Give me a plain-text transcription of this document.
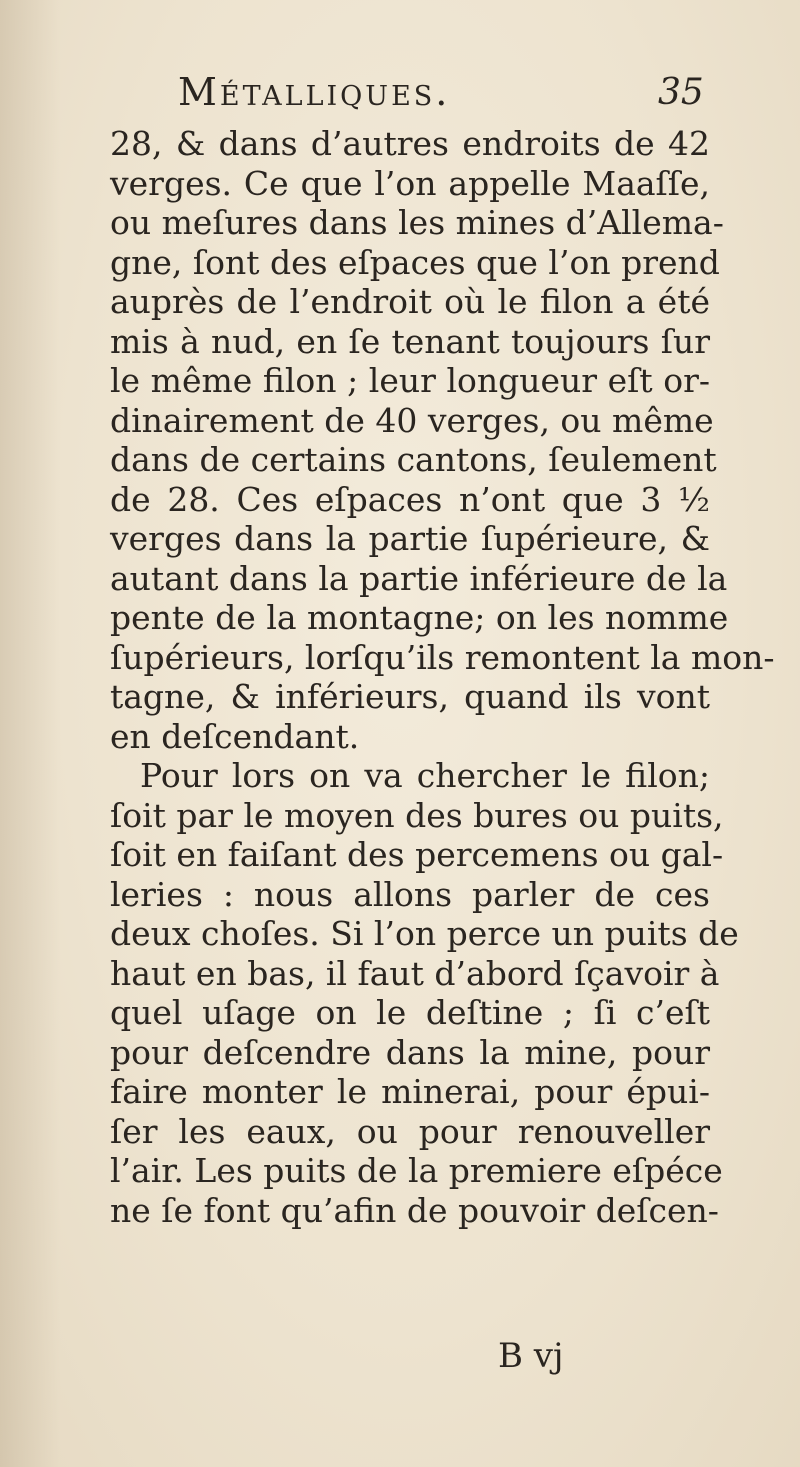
Métalliques.	35
28, & dans d’autres endroits de 42
verges. Ce que l’on appelle Maaſſe,
ou meſures dans les mines d’Allema-
gne, ſont des eſpaces que l’on prend
auprès de l’endroit où le filon a été
mis à nud, en ſe tenant toujours ſur
le même filon ; leur longueur eſt or-
dinairement de 40 verges, ou même
dans de certains cantons, ſeulement
de 28. Ces eſpaces n’ont que 3 ½
verges dans la partie ſupérieure, &
autant dans la partie inférieure de la
pente de la montagne; on les nomme
ſupérieurs, lorſqu’ils remontent la mon-
tagne, & inférieurs, quand ils vont
en deſcendant.
Pour lors on va chercher le filon;
ſoit par le moyen des bures ou puits,
ſoit en faiſant des percemens ou gal-
leries : nous allons parler de ces
deux choſes. Si l’on perce un puits de
haut en bas, il faut d’abord ſçavoir à
quel uſage on le deſtine ; ſi c’eſt
pour deſcendre dans la mine, pour
faire monter le minerai, pour épui-
ſer les eaux, ou pour renouveller
l’air. Les puits de la premiere eſpéce
ne ſe font qu’afin de pouvoir deſcen-
B vj
